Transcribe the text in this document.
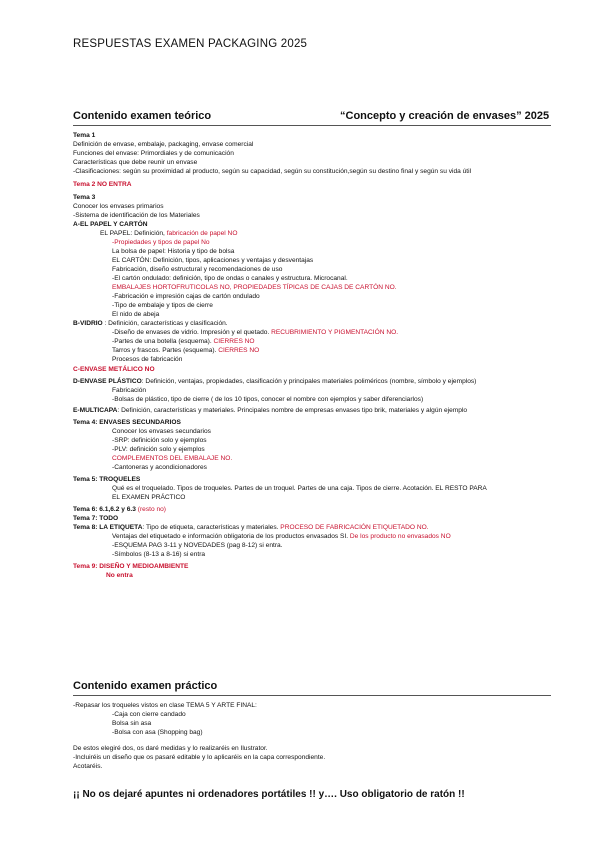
RESPUESTAS EXAMEN PACKAGING 2025
Contenido examen teórico	“Concepto y creación de envases” 2025
Tema 1
Definición de envase, embalaje, packaging, envase comercial
Funciones del envase: Primordiales y de comunicación
Características que debe reunir un envase
-Clasificaciones: según su proximidad al producto, según su capacidad, según su constitución,según su destino final y según su vida útil
Tema 2 NO ENTRA
Tema 3
Conocer los envases primarios
-Sistema de identificación de los Materiales
A-EL PAPEL Y CARTÓN
EL PAPEL: Definición, fabricación de papel NO
-Propiedades y tipos de papel No
La bolsa de papel: Historia y tipo de bolsa
EL CARTÓN: Definición, tipos, aplicaciones y ventajas y desventajas
Fabricación, diseño estructural y recomendaciones de uso
-El cartón ondulado: definición, tipo de ondas o canales y estructura. Microcanal.
EMBALAJES HORTOFRUTICOLAS NO, PROPIEDADES TÍPICAS DE CAJAS DE CARTÓN NO.
-Fabricación e impresión cajas de cartón ondulado
-Tipo de embalaje y tipos de cierre
El nido de abeja
B-VIDRIO : Definición, características y clasificación.
-Diseño de envases de vidrio. Impresión y el quetado. RECUBRIMIENTO Y PIGMENTACIÓN NO.
-Partes de una botella (esquema). CIERRES NO
Tarros y frascos. Partes (esquema). CIERRES NO
Procesos de fabricación
C-ENVASE METÁLICO NO
D-ENVASE PLÁSTICO: Definición, ventajas, propiedades, clasificación y principales materiales poliméricos (nombre, símbolo y ejemplos)
Fabricación
-Bolsas de plástico, tipo de cierre ( de los 10 tipos, conocer el nombre con ejemplos y saber diferenciarlos)
E-MULTICAPA: Definición, características y materiales. Principales nombre de empresas envases tipo brik, materiales y algún ejemplo
Tema 4: ENVASES SECUNDARIOS
Conocer los envases secundarios
-SRP: definición solo y ejemplos
-PLV: definición solo y ejemplos
COMPLEMENTOS DEL EMBALAJE NO.
-Cantoneras y acondicionadores
Tema 5: TROQUELES
Qué es el troquelado. Tipos de troqueles. Partes de un troquel. Partes de una caja. Tipos de cierre. Acotación. EL RESTO PARA
EL EXAMEN PRÁCTICO
Tema 6: 6.1,6.2 y 6.3 (resto no)
Tema 7: TODO
Tema 8: LA ETIQUETA: Tipo de etiqueta, características y materiales. PROCESO DE FABRICACIÓN ETIQUETADO NO.
Ventajas del etiquetado e información obligatoria de los productos envasados SI. De los producto no envasados NO
-ESQUEMA PAG 3-11 y NOVEDADES (pag 8-12) si entra.
-Símbolos (8-13 a 8-16) si entra
Tema 9: DISEÑO Y MEDIOAMBIENTE
No entra
Contenido examen práctico
-Repasar los troqueles vistos en clase TEMA 5 Y ARTE FINAL:
-Caja con cierre candado
Bolsa sin asa
-Bolsa con asa (Shopping bag)
De estos elegiré dos, os daré medidas y lo realizaréis en Ilustrator.
-Incluiréis un diseño que os pasaré editable y lo aplicaréis en la capa correspondiente.
Acotaréis.
¡¡ No os dejaré apuntes ni ordenadores portátiles !! y…. Uso obligatorio de ratón !!
